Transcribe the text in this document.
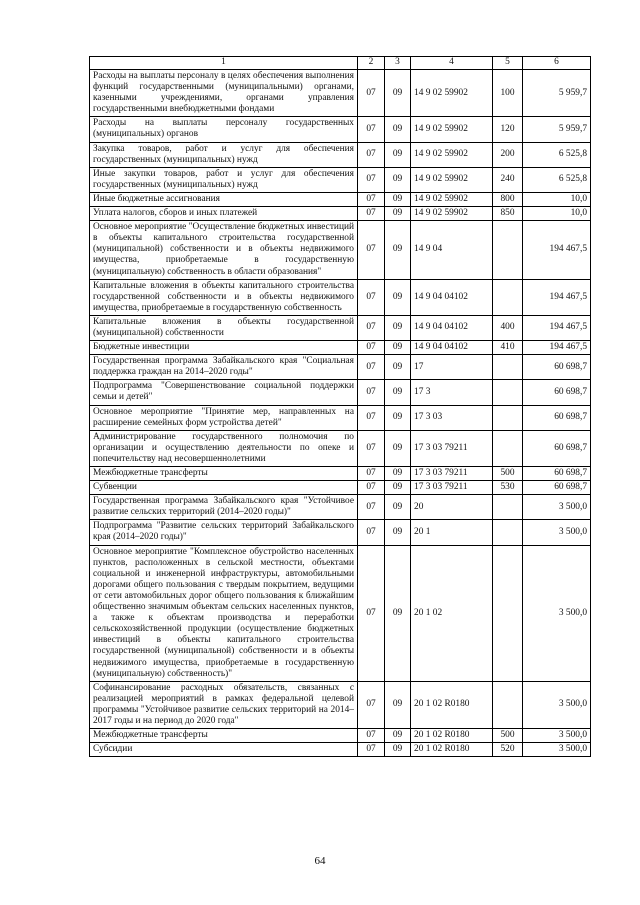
1	2	3	4	5	6
Расходы на выплаты персоналу в целях обеспечения выполнения функций государственными (муниципальными) органами, казенными учреждениями, органами управления государственными внебюджетными фондами	07	09	14 9 02 59902	100	5 959,7
Расходы на выплаты персоналу государственных (муниципальных) органов	07	09	14 9 02 59902	120	5 959,7
Закупка товаров, работ и услуг для обеспечения государственных (муниципальных) нужд	07	09	14 9 02 59902	200	6 525,8
Иные закупки товаров, работ и услуг для обеспечения государственных (муниципальных) нужд	07	09	14 9 02 59902	240	6 525,8
Иные бюджетные ассигнования	07	09	14 9 02 59902	800	10,0
Уплата налогов, сборов и иных платежей	07	09	14 9 02 59902	850	10,0
Основное мероприятие "Осуществление бюджетных инвестиций в объекты капитального строительства государственной (муниципальной) собственности и в объекты недвижимого имущества, приобретаемые в государственную (муниципальную) собственность в области образования"	07	09	14 9 04		194 467,5
Капитальные вложения в объекты капитального строительства государственной собственности и в объекты недвижимого имущества, приобретаемые в государственную собственность	07	09	14 9 04 04102		194 467,5
Капитальные вложения в объекты государственной (муниципальной) собственности	07	09	14 9 04 04102	400	194 467,5
Бюджетные инвестиции	07	09	14 9 04 04102	410	194 467,5
Государственная программа Забайкальского края "Социальная поддержка граждан на 2014–2020 годы"	07	09	17		60 698,7
Подпрограмма "Совершенствование социальной поддержки семьи и детей"	07	09	17 3		60 698,7
Основное мероприятие "Принятие мер, направленных на расширение семейных форм устройства детей"	07	09	17 3 03		60 698,7
Администрирование государственного полномочия по организации и осуществлению деятельности по опеке и попечительству над несовершеннолетними	07	09	17 3 03 79211		60 698,7
Межбюджетные трансферты	07	09	17 3 03 79211	500	60 698,7
Субвенции	07	09	17 3 03 79211	530	60 698,7
Государственная программа Забайкальского края "Устойчивое развитие сельских территорий (2014–2020 годы)"	07	09	20		3 500,0
Подпрограмма "Развитие сельских территорий Забайкальского края (2014–2020 годы)"	07	09	20 1		3 500,0
Основное мероприятие "Комплексное обустройство населенных пунктов, расположенных в сельской местности, объектами социальной и инженерной инфраструктуры, автомобильными дорогами общего пользования с твердым покрытием, ведущими от сети автомобильных дорог общего пользования к ближайшим общественно значимым объектам сельских населенных пунктов, а также к объектам производства и переработки сельскохозяйственной продукции (осуществление бюджетных инвестиций в объекты капитального строительства государственной (муниципальной) собственности и в объекты недвижимого имущества, приобретаемые в государственную (муниципальную) собственность)"	07	09	20 1 02		3 500,0
Софинансирование расходных обязательств, связанных с реализацией мероприятий в рамках федеральной целевой программы "Устойчивое развитие сельских территорий на 2014–2017 годы и на период до 2020 года"	07	09	20 1 02 R0180		3 500,0
Межбюджетные трансферты	07	09	20 1 02 R0180	500	3 500,0
Субсидии	07	09	20 1 02 R0180	520	3 500,0
64
